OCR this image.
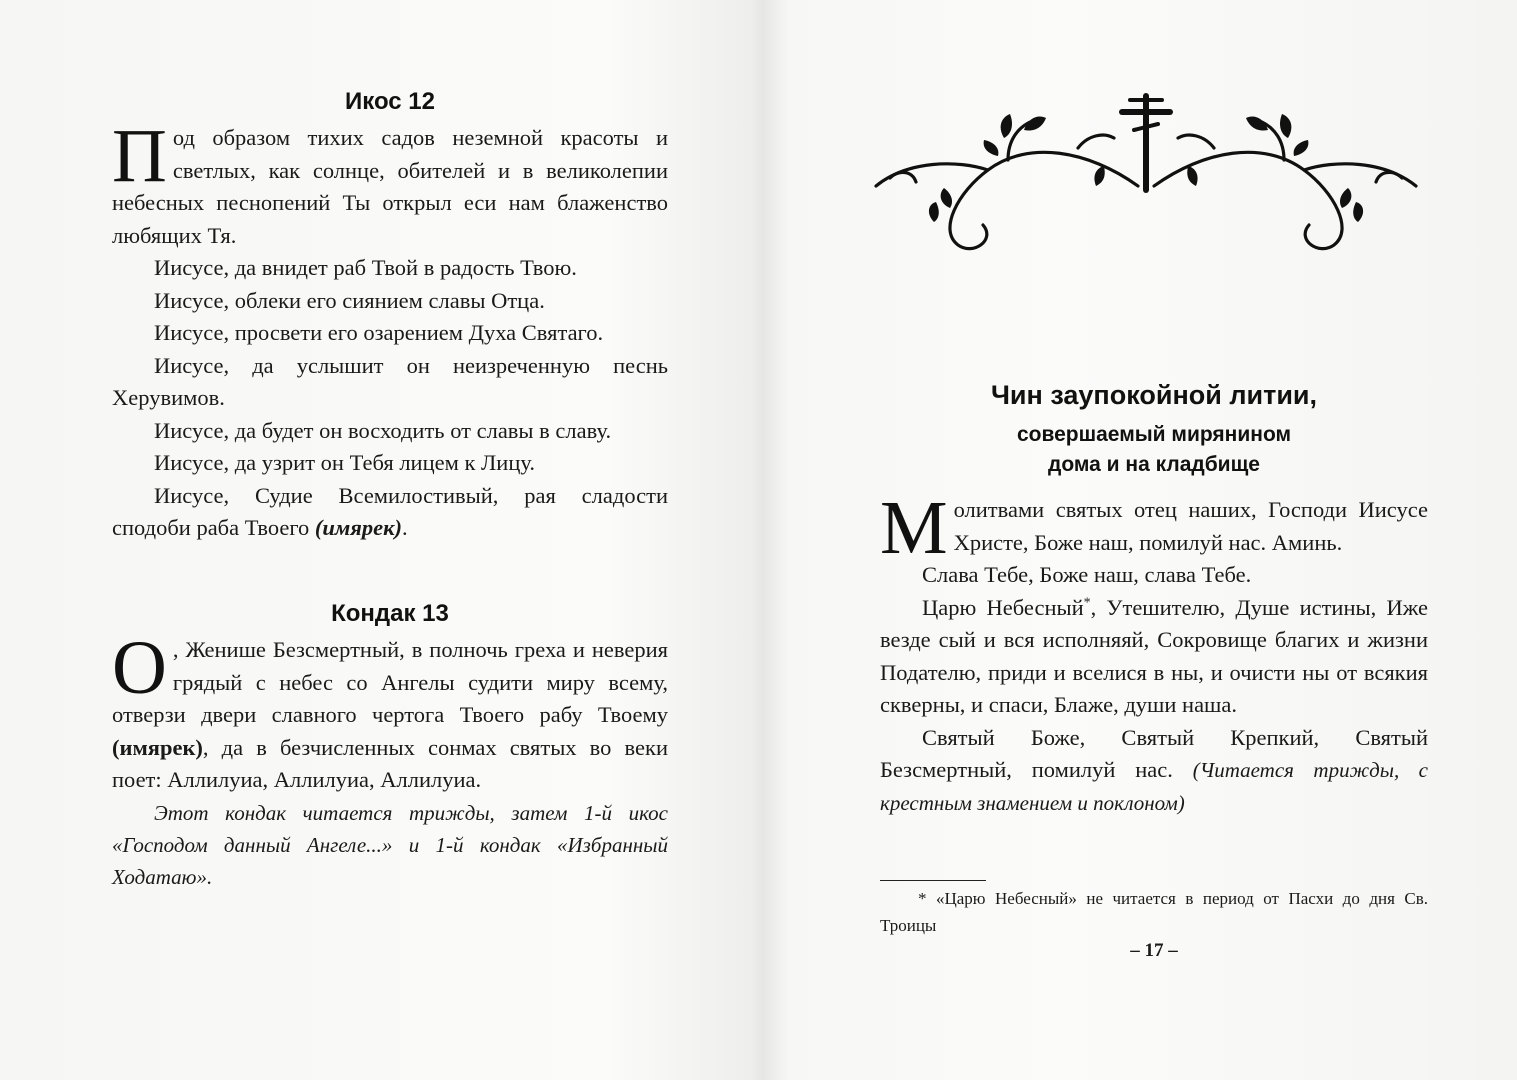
Икос 12

Под образом тихих садов неземной красоты и светлых, как солнце, обителей и в великолепии небесных песнопений Ты открыл еси нам блаженство любящих Тя.

Иисусе, да внидет раб Твой в радость Твою.

Иисусе, облеки его сиянием славы Отца.

Иисусе, просвети его озарением Духа Святаго.

Иисусе, да услышит он неизреченную песнь Херувимов.

Иисусе, да будет он восходить от славы в славу.

Иисусе, да узрит он Тебя лицем к Лицу.

Иисусе, Судие Всемилостивый, рая сладости сподоби раба Твоего (имярек).

Кондак 13

О , Женише Безсмертный, в полночь греха и неверия грядый с небес со Ангелы судити миру всему, отверзи двери славного чертога Твоего рабу Твоему (имярек), да в безчисленных сонмах святых во веки поет: Аллилуиа, Аллилуиа, Аллилуиа.

Этот кондак читается трижды, затем 1-й икос «Господом данный Ангеле...» и 1-й кондак «Избранный Ходатаю».

Чин заупокойной литии,
совершаемый мирянином
дома и на кладбище

Молитвами святых отец наших, Господи Иисусе Христе, Боже наш, помилуй нас. Аминь.

Слава Тебе, Боже наш, слава Тебе.

Царю Небесный*, Утешителю, Душе истины, Иже везде сый и вся исполняяй, Сокровище благих и жизни Подателю, приди и вселися в ны, и очисти ны от всякия скверны, и спаси, Блаже, души наша.

Святый Боже, Святый Крепкий, Святый Безсмертный, помилуй нас. (Читается трижды, с крестным знамением и поклоном)

* «Царю Небесный» не читается в период от Пасхи до дня Св. Троицы
– 17 –
